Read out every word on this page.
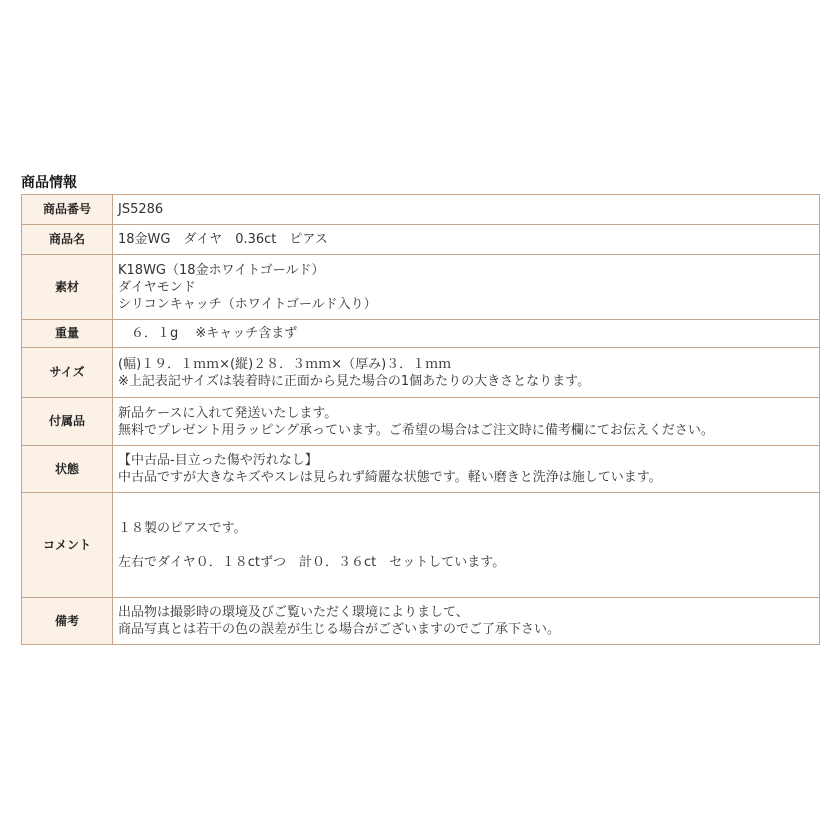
商品情報
商品番号	JS5286

商品名	18金WG　ダイヤ　0.36ct　ピアス

素材	K18WG（18金ホワイトゴールド）
ダイヤモンド
シリコンキャッチ（ホワイトゴールド入り）

重量	　６．１g　 ※キャッチ含まず

サイズ	(幅)１９．１ｍｍ×(縦)２８．３ｍｍ×（厚み)３．１ｍｍ
※上記表記サイズは装着時に正面から見た場合の1個あたりの大きさとなります。

付属品	新品ケースに入れて発送いたします。
無料でプレゼント用ラッピング承っています。ご希望の場合はご注文時に備考欄にてお伝えください。

状態	【中古品-目立った傷や汚れなし】
中古品ですが大きなキズやスレは見られず綺麗な状態です。軽い磨きと洗浄は施しています。

コメント	１８製のピアスです。
左右でダイヤ０．１８ctずつ　計０．３６ct　セットしています。

備考	出品物は撮影時の環境及びご覧いただく環境によりまして、
商品写真とは若干の色の誤差が生じる場合がございますのでご了承下さい。
